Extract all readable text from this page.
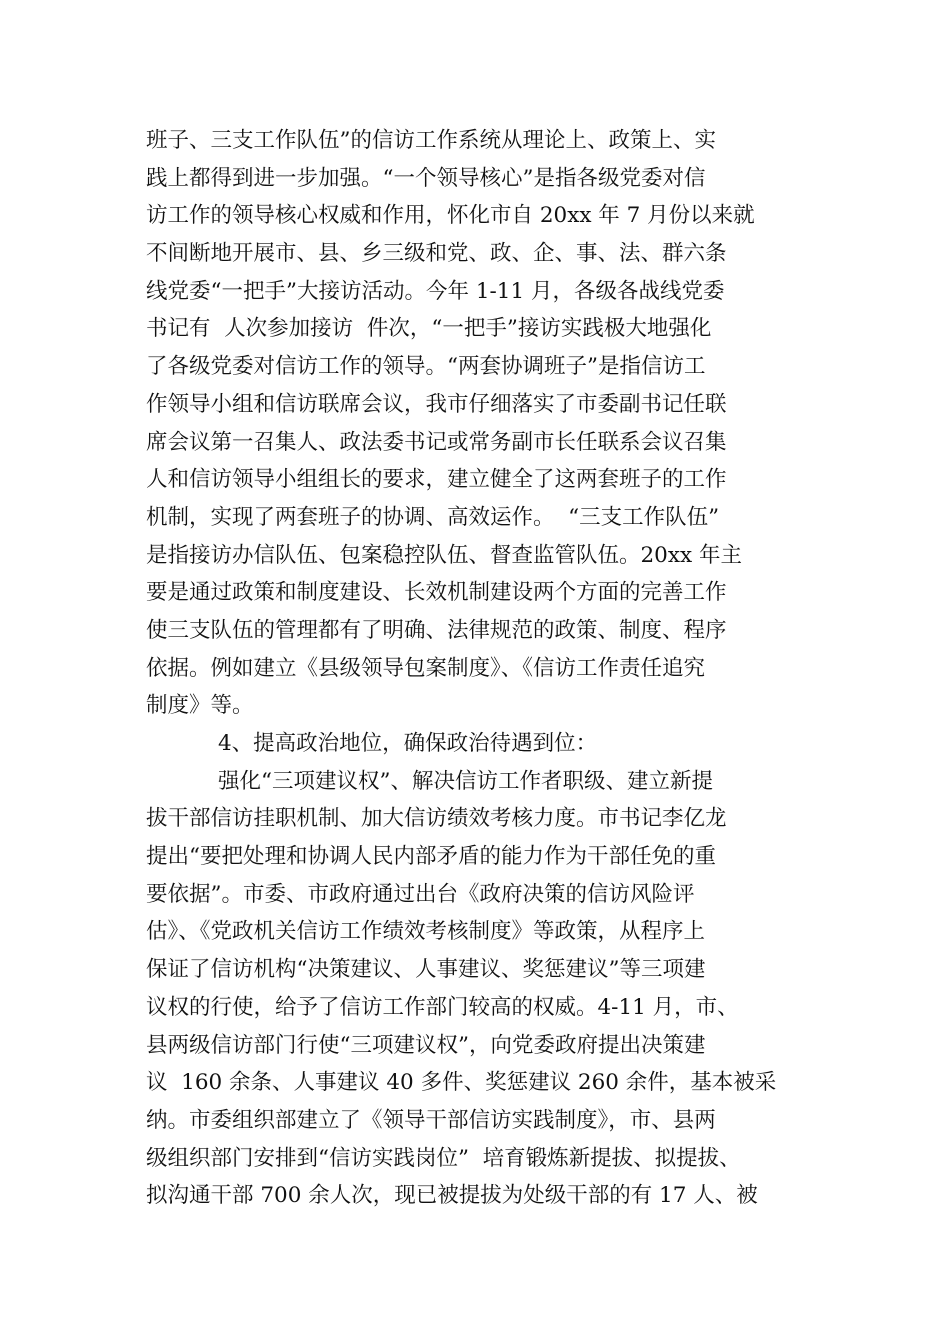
班子、三支工作队伍”的信访工作系统从理论上、政策上、实
践上都得到进一步加强。“一个领导核心”是指各级党委对信
访工作的领导核心权威和作用，怀化市自 20xx 年 7 月份以来就
不间断地开展市、县、乡三级和党、政、企、事、法、群六条
线党委“一把手”大接访活动。今年 1-11 月，各级各战线党委
书记有  人次参加接访  件次，“一把手”接访实践极大地强化
了各级党委对信访工作的领导。“两套协调班子”是指信访工
作领导小组和信访联席会议，我市仔细落实了市委副书记任联
席会议第一召集人、政法委书记或常务副市长任联系会议召集
人和信访领导小组组长的要求，建立健全了这两套班子的工作
机制，实现了两套班子的协调、高效运作。  “三支工作队伍”
是指接访办信队伍、包案稳控队伍、督查监管队伍。20xx 年主
要是通过政策和制度建设、长效机制建设两个方面的完善工作
使三支队伍的管理都有了明确、法律规范的政策、制度、程序
依据。例如建立《县级领导包案制度》、《信访工作责任追究
制度》等。
4、提高政治地位，确保政治待遇到位：
强化“三项建议权”、解决信访工作者职级、建立新提
拔干部信访挂职机制、加大信访绩效考核力度。市书记李亿龙
提出“要把处理和协调人民内部矛盾的能力作为干部任免的重
要依据”。市委、市政府通过出台《政府决策的信访风险评
估》、《党政机关信访工作绩效考核制度》等政策，从程序上
保证了信访机构“决策建议、人事建议、奖惩建议”等三项建
议权的行使，给予了信访工作部门较高的权威。4-11 月，市、
县两级信访部门行使“三项建议权”，向党委政府提出决策建
议  160 余条、人事建议 40 多件、奖惩建议 260 余件，基本被采
纳。市委组织部建立了《领导干部信访实践制度》，市、县两
级组织部门安排到“信访实践岗位”  培育锻炼新提拔、拟提拔、
拟沟通干部 700 余人次，现已被提拔为处级干部的有 17 人、被
